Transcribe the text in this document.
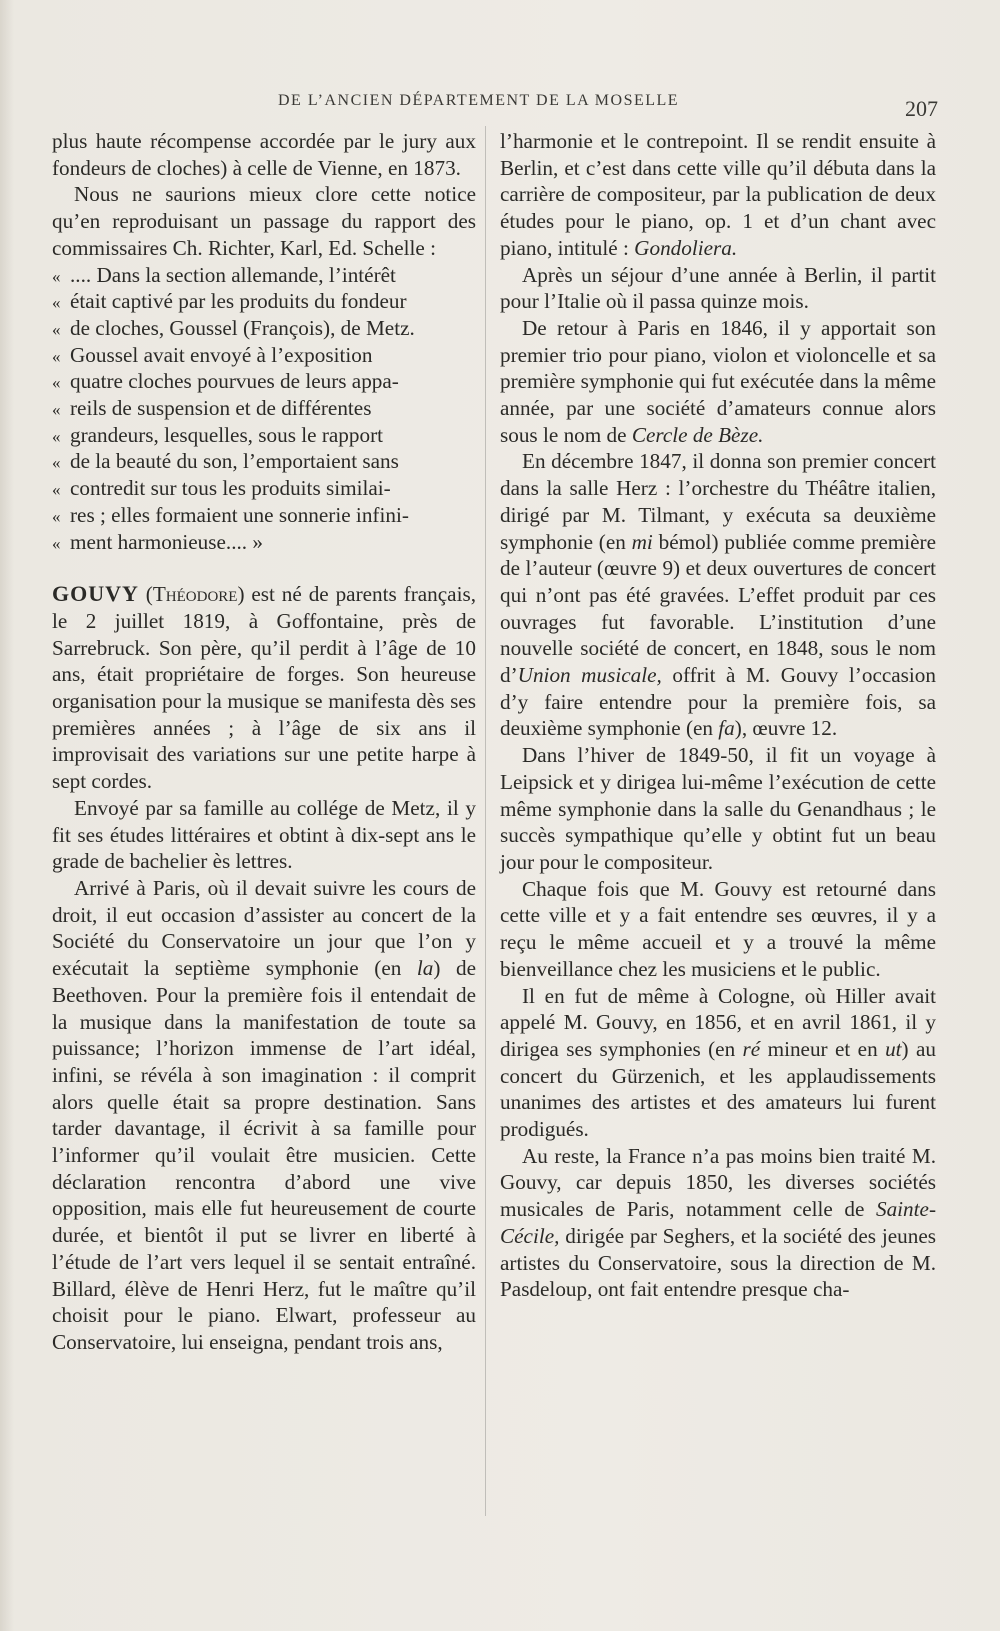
DE L’ANCIEN DÉPARTEMENT DE LA MOSELLE	207

plus haute récompense accordée par le jury aux fondeurs de cloches) à celle de Vienne, en 1873.

Nous ne saurions mieux clore cette notice qu’en reproduisant un passage du rapport des commissaires Ch. Richter, Karl, Ed. Schelle :

« .... Dans la section allemande, l’intérêt

« était captivé par les produits du fondeur

« de cloches, Goussel (François), de Metz.

« Goussel avait envoyé à l’exposition

« quatre cloches pourvues de leurs appa-

« reils de suspension et de différentes

« grandeurs, lesquelles, sous le rapport

« de la beauté du son, l’emportaient sans

« contredit sur tous les produits similai-

« res ; elles formaient une sonnerie infini-

« ment harmonieuse.... »

GOUVY (Théodore) est né de parents français, le 2 juillet 1819, à Goffontaine, près de Sarrebruck. Son père, qu’il perdit à l’âge de 10 ans, était propriétaire de forges. Son heureuse organisation pour la musique se manifesta dès ses premières années ; à l’âge de six ans il improvisait des variations sur une petite harpe à sept cordes.

Envoyé par sa famille au collége de Metz, il y fit ses études littéraires et obtint à dix-sept ans le grade de bachelier ès lettres.

Arrivé à Paris, où il devait suivre les cours de droit, il eut occasion d’assister au concert de la Société du Conservatoire un jour que l’on y exécutait la septième symphonie (en la) de Beethoven. Pour la première fois il entendait de la musique dans la manifestation de toute sa puissance; l’horizon immense de l’art idéal, infini, se révéla à son imagination : il comprit alors quelle était sa propre destination. Sans tarder davantage, il écrivit à sa famille pour l’informer qu’il voulait être musicien. Cette déclaration rencontra d’abord une vive opposition, mais elle fut heureusement de courte durée, et bientôt il put se livrer en liberté à l’étude de l’art vers lequel il se sentait entraîné. Billard, élève de Henri Herz, fut le maître qu’il choisit pour le piano. Elwart, professeur au Conservatoire, lui enseigna, pendant trois ans,

l’harmonie et le contrepoint. Il se rendit ensuite à Berlin, et c’est dans cette ville qu’il débuta dans la carrière de compositeur, par la publication de deux études pour le piano, op. 1 et d’un chant avec piano, intitulé : Gondoliera.

Après un séjour d’une année à Berlin, il partit pour l’Italie où il passa quinze mois.

De retour à Paris en 1846, il y apportait son premier trio pour piano, violon et violoncelle et sa première symphonie qui fut exécutée dans la même année, par une société d’amateurs connue alors sous le nom de Cercle de Bèze.

En décembre 1847, il donna son premier concert dans la salle Herz : l’orchestre du Théâtre italien, dirigé par M. Tilmant, y exécuta sa deuxième symphonie (en mi bémol) publiée comme première de l’auteur (œuvre 9) et deux ouvertures de concert qui n’ont pas été gravées. L’effet produit par ces ouvrages fut favorable. L’institution d’une nouvelle société de concert, en 1848, sous le nom d’Union musicale, offrit à M. Gouvy l’occasion d’y faire entendre pour la première fois, sa deuxième symphonie (en fa), œuvre 12.

Dans l’hiver de 1849-50, il fit un voyage à Leipsick et y dirigea lui-même l’exécution de cette même symphonie dans la salle du Genandhaus ; le succès sympathique qu’elle y obtint fut un beau jour pour le compositeur.

Chaque fois que M. Gouvy est retourné dans cette ville et y a fait entendre ses œuvres, il y a reçu le même accueil et y a trouvé la même bienveillance chez les musiciens et le public.

Il en fut de même à Cologne, où Hiller avait appelé M. Gouvy, en 1856, et en avril 1861, il y dirigea ses symphonies (en ré mineur et en ut) au concert du Gürzenich, et les applaudissements unanimes des artistes et des amateurs lui furent prodigués.

Au reste, la France n’a pas moins bien traité M. Gouvy, car depuis 1850, les diverses sociétés musicales de Paris, notamment celle de Sainte-Cécile, dirigée par Seghers, et la société des jeunes artistes du Conservatoire, sous la direction de M. Pasdeloup, ont fait entendre presque cha-
